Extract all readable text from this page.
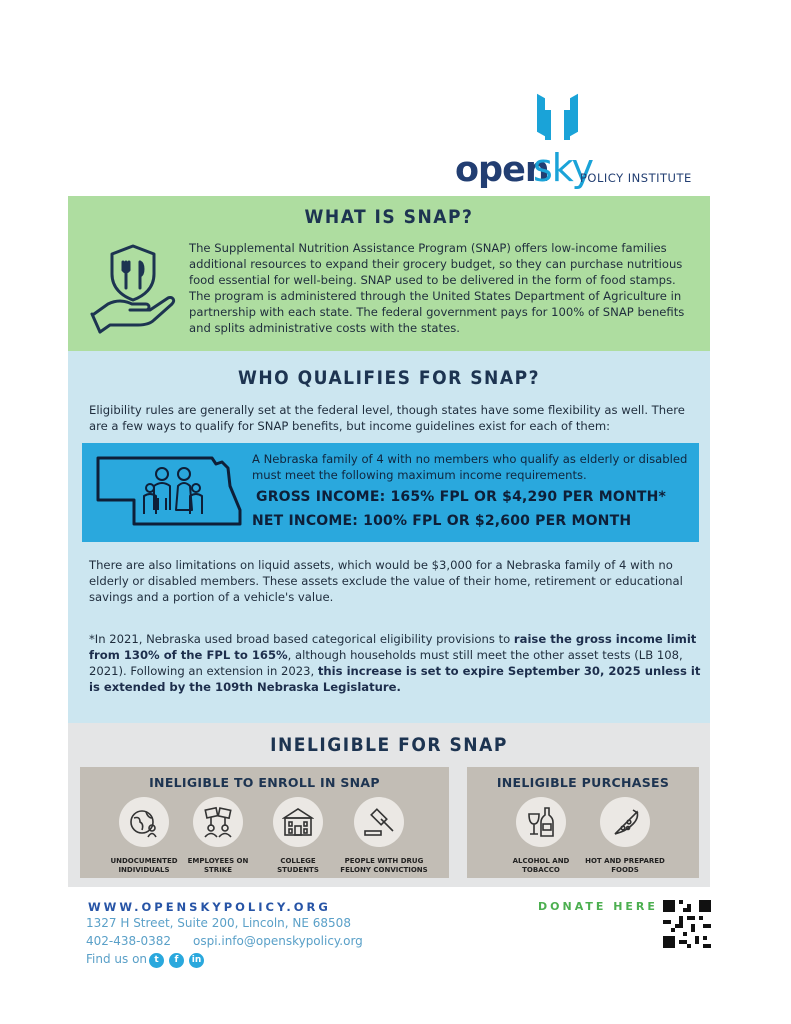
open
sky
POLICY INSTITUTE
WHAT IS SNAP?

The Supplemental Nutrition Assistance Program (SNAP) offers low-income families additional resources to expand their grocery budget, so they can purchase nutritious food essential for well-being. SNAP used to be delivered in the form of food stamps. The program is administered through the United States Department of Agriculture in partnership with each state. The federal government pays for 100% of SNAP benefits and splits administrative costs with the states.

WHO QUALIFIES FOR SNAP?

Eligibility rules are generally set at the federal level, though states have some flexibility as well. There are a few ways to qualify for SNAP benefits, but income guidelines exist for each of them:

A Nebraska family of 4 with no members who qualify as elderly or disabled must meet the following maximum income requirements.
GROSS INCOME: 165% FPL OR $4,290 PER MONTH*
NET INCOME: 100% FPL OR $2,600 PER MONTH

There are also limitations on liquid assets, which would be $3,000 for a Nebraska family of 4 with no elderly or disabled members. These assets exclude the value of their home, retirement or educational savings and a portion of a vehicle's value.

*In 2021, Nebraska used broad based categorical eligibility provisions to raise the gross income limit from 130% of the FPL to 165%, although households must still meet the other asset tests (LB 108, 2021). Following an extension in 2023, this increase is set to expire September 30, 2025 unless it is extended by the 109th Nebraska Legislature.

INELIGIBLE FOR SNAP
INELIGIBLE TO ENROLL IN SNAP	INELIGIBLE PURCHASES
UNDOCUMENTED INDIVIDUALS
EMPLOYEES ON STRIKE
COLLEGE STUDENTS
PEOPLE WITH DRUG FELONY CONVICTIONS
ALCOHOL AND TOBACCO
HOT AND PREPARED FOODS
WWW.OPENSKYPOLICY.ORG
1327 H Street, Suite 200, Lincoln, NE 68508
402-438-0382 ospi.info@openskypolicy.org
Find us on t	f	in
DONATE HERE
